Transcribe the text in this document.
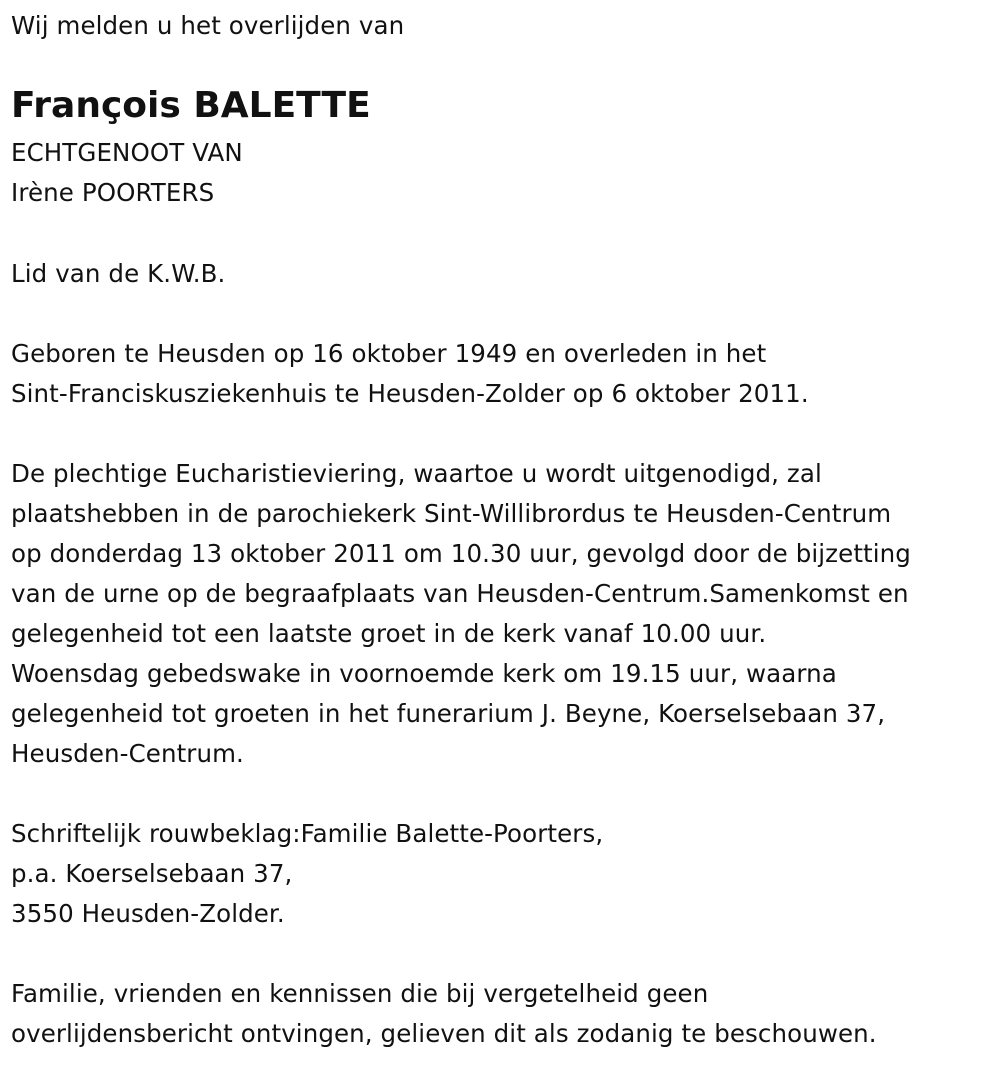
Wij melden u het overlijden van
François BALETTE
ECHTGENOOT VAN
Irène POORTERS
Lid van de K.W.B.
Geboren te Heusden op 16 oktober 1949 en overleden in het
Sint-Franciskusziekenhuis te Heusden-Zolder op 6 oktober 2011.
De plechtige Eucharistieviering, waartoe u wordt uitgenodigd, zal
plaatshebben in de parochiekerk Sint-Willibrordus te Heusden-Centrum
op donderdag 13 oktober 2011 om 10.30 uur, gevolgd door de bijzetting
van de urne op de begraafplaats van Heusden-Centrum.Samenkomst en
gelegenheid tot een laatste groet in de kerk vanaf 10.00 uur.
Woensdag gebedswake in voornoemde kerk om 19.15 uur, waarna
gelegenheid tot groeten in het funerarium J. Beyne, Koerselsebaan 37,
Heusden-Centrum.
Schriftelijk rouwbeklag:Familie Balette-Poorters,
p.a. Koerselsebaan 37,
3550 Heusden-Zolder.
Familie, vrienden en kennissen die bij vergetelheid geen
overlijdensbericht ontvingen, gelieven dit als zodanig te beschouwen.
